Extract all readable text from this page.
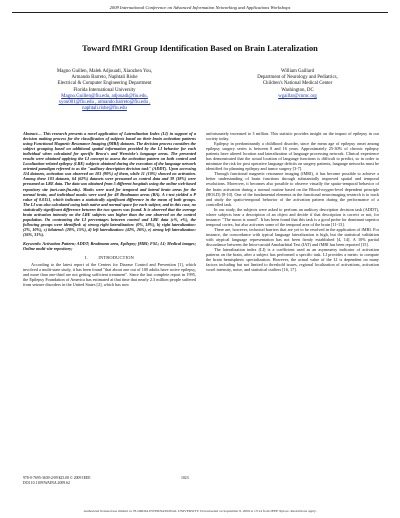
2009 International Conference on Advanced Information Networking and Applications Workshops
Toward fMRI Group Identification Based on Brain Lateralization
Magno Guillen, Malek Adjouadi, Xiaozhen You,
Armando Barreto, Naphtali Rishe
Electrical & Computer Engineering Department
Florida International University
Magno.Guillen@fiu.edu, adjouadi@fiu.edu,
xyou001@fiu.edu , armando.barreto@fiu.edu ,
naphtali.rishe@fiu.edu
William Gaillard
Department of Neurology and Pediatrics,
Children's National Medical Center
Washington, DC
wgaillar@cnmc.org

Abstract— This research presents a novel application of Lateralization Index (LI) in support of a decision making process for the classification of subjects based on their brain activation patterns using Functional Magnetic Resonance Imaging (fMRI) datasets. The decision process considers the subject grouping based on additional spatial information provided by the LI behavior for each individual when calculated for specific Broca's and Wernicke's language areas. The presented results were obtained applying the LI concept to assess the activation pattern on both control and Localization-related epilepsy (LRE) subjects obtained during the execution of the language network oriented paradigm referred to as the "auditory description decision task" (ADDT). Upon accessing 114 datasets, activation was observed on 103 (90%) of them, while 11 (10%) showed no activation. Among these 103 datasets, 64 (62%) datasets were presumed as control data and 39 (38%) were presumed as LRE data. The data was obtained from 5 different hospitals using the online web-based repository site (mri.cate.fiu.edu). Masks were used for temporal and lateral brain areas for the normal brain, and individual masks were used for 48 Brodmann areas (BA). A t-test yielded a P value of 0.0151, which indicates a statistically significant difference in the mean of both groups. The LI was also calculated using both native and normal space for each subject, and in this case, no statistically significant difference between the two spaces was found. It is observed that the average brain activation intensity on the LRE subjects was higher than the one observed on the control population. On contrasting the LI percentages between control and LRE data (c%, e%), the following groups were identified: a) strong right lateralization: (0%, 18%), b) right lateralization: (2%, 10%), c) bilateral: (20%, 15%), d) left lateralization: (42%, 26%), e) strong left lateralization: (36%, 31%).

Keywords: Activation Pattern; ADDT; Brodmann area, Epilepsy; fMRI; FSL; LI; Medical images; Online multi-site repository;

I.        INTRODUCTION

According to the latest report of the Centers for Disease Control and Prevention [1], which involved a multi-state study, it has been found "that about one out of 100 adults have active epilepsy, and more than one-third are not getting sufficient treatment". Since the last complete report in 1995, the Epilepsy Foundation of America has estimated at that time that nearly 2.3 million people suffered from seizure disorders in the United States [2], which has now

unfortunately increased to 3 million. This statistic provides insight on the impact of epilepsy in our society today.

Epilepsy in predominantly a childhood disorder, since the mean age of epilepsy onset among epilepsy surgery series is between 8 and 16 years. Approximately 25-30% of chronic epilepsy patients have altered location and lateralization of language processing network. Clinical experience has demonstrated that the actual location of language functions is difficult to predict, so in order to minimize the risk for post operative language deficits on surgery patients, language networks must be identified for planning epilepsy and tumor surgery [3-7].

Through functional magnetic resonance imaging (fMRI), it has become possible to achieve a better understanding of brain functions through substantially improved spatial and temporal resolutions. Moreover, it becomes also possible to observe visually the spatio-temporal behavior of the brain activation during a normal routine based on the Blood-oxygen-level dependent principle (BOLD) [8-10]. One of the fundamental elements in the functional neuroimaging research is to track and study the spatio-temporal behavior of the activation pattern during the performance of a controlled task.

In our study, the subjects were asked to perform an auditory description decision task (ADDT), where subjects hear a description of an object and decide if that description is correct or not, for instance: "The moon is round". It has been found that this task is a good probe for dominant superior temporal cortex, but also activates some of the temporal area of the brain [11-13].

There are, however, technical barriers that are yet to be resolved in the application of fMRI. For instance, the concordance with typical language lateralization is high, but the statistical validation with atypical language representation has not been firmly established [4, 14]. A 10% partial discordance between the Intra-carotid Amobarbital Test (IAT) and fMRI has been reported [15].

The lateralization index (LI) is a coefficient used as an asymmetry indicator of activation patterns on the brain, after a subject has performed a specific task. LI provides a metric to compute the brain hemispheric specialization. However, the actual value of the LI is dependent on many factors including but not limited to threshold issues, regional localization of activations, activation voxel intensity, noise, and statistical outliers [16, 17].

978-0-7695-3639-2/09 $25.00 © 2009 IEEE
DOI 10.1109/WAINA.2009.62
1023
Authorized licensed use limited to: FLORIDA INTERNATIONAL UNIVERSITY. Downloaded on September 8, 2009 at 13:14 from IEEE Xplore. Restrictions apply.
